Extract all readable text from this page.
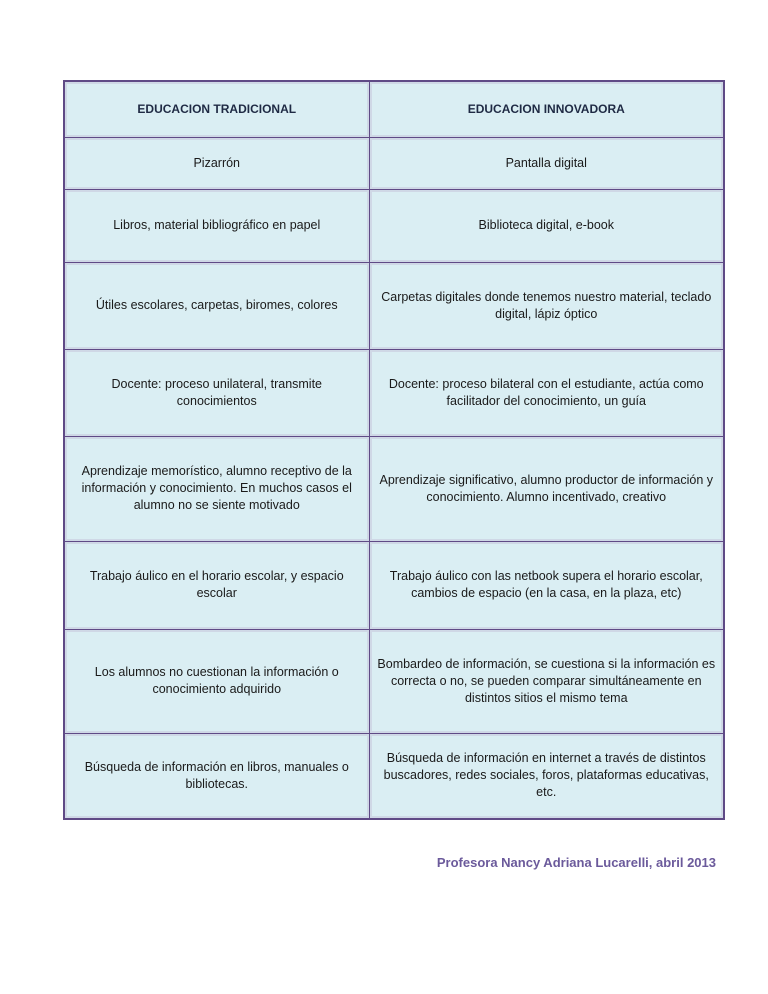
EDUCACION TRADICIONAL	EDUCACION INNOVADORA
Pizarrón	Pantalla digital
Libros, material bibliográfico en papel	Biblioteca digital, e-book
Útiles escolares, carpetas, biromes, colores	Carpetas digitales donde tenemos nuestro material, teclado digital, lápiz óptico
Docente: proceso unilateral, transmite conocimientos	Docente: proceso bilateral con el estudiante, actúa como facilitador del conocimiento, un guía
Aprendizaje memorístico, alumno receptivo de la información y conocimiento. En muchos casos el alumno no se siente motivado	Aprendizaje significativo, alumno productor de información y conocimiento. Alumno incentivado, creativo
Trabajo áulico en el horario escolar, y espacio escolar	Trabajo áulico con las netbook supera el horario escolar, cambios de espacio (en la casa, en la plaza, etc)
Los alumnos no cuestionan la información o conocimiento adquirido	Bombardeo de información, se cuestiona si la información es correcta o no, se pueden comparar simultáneamente en distintos sitios el mismo tema
Búsqueda de información en libros, manuales o bibliotecas.	Búsqueda de información en internet a través de distintos buscadores, redes sociales, foros, plataformas educativas, etc.
Profesora Nancy Adriana Lucarelli, abril 2013
